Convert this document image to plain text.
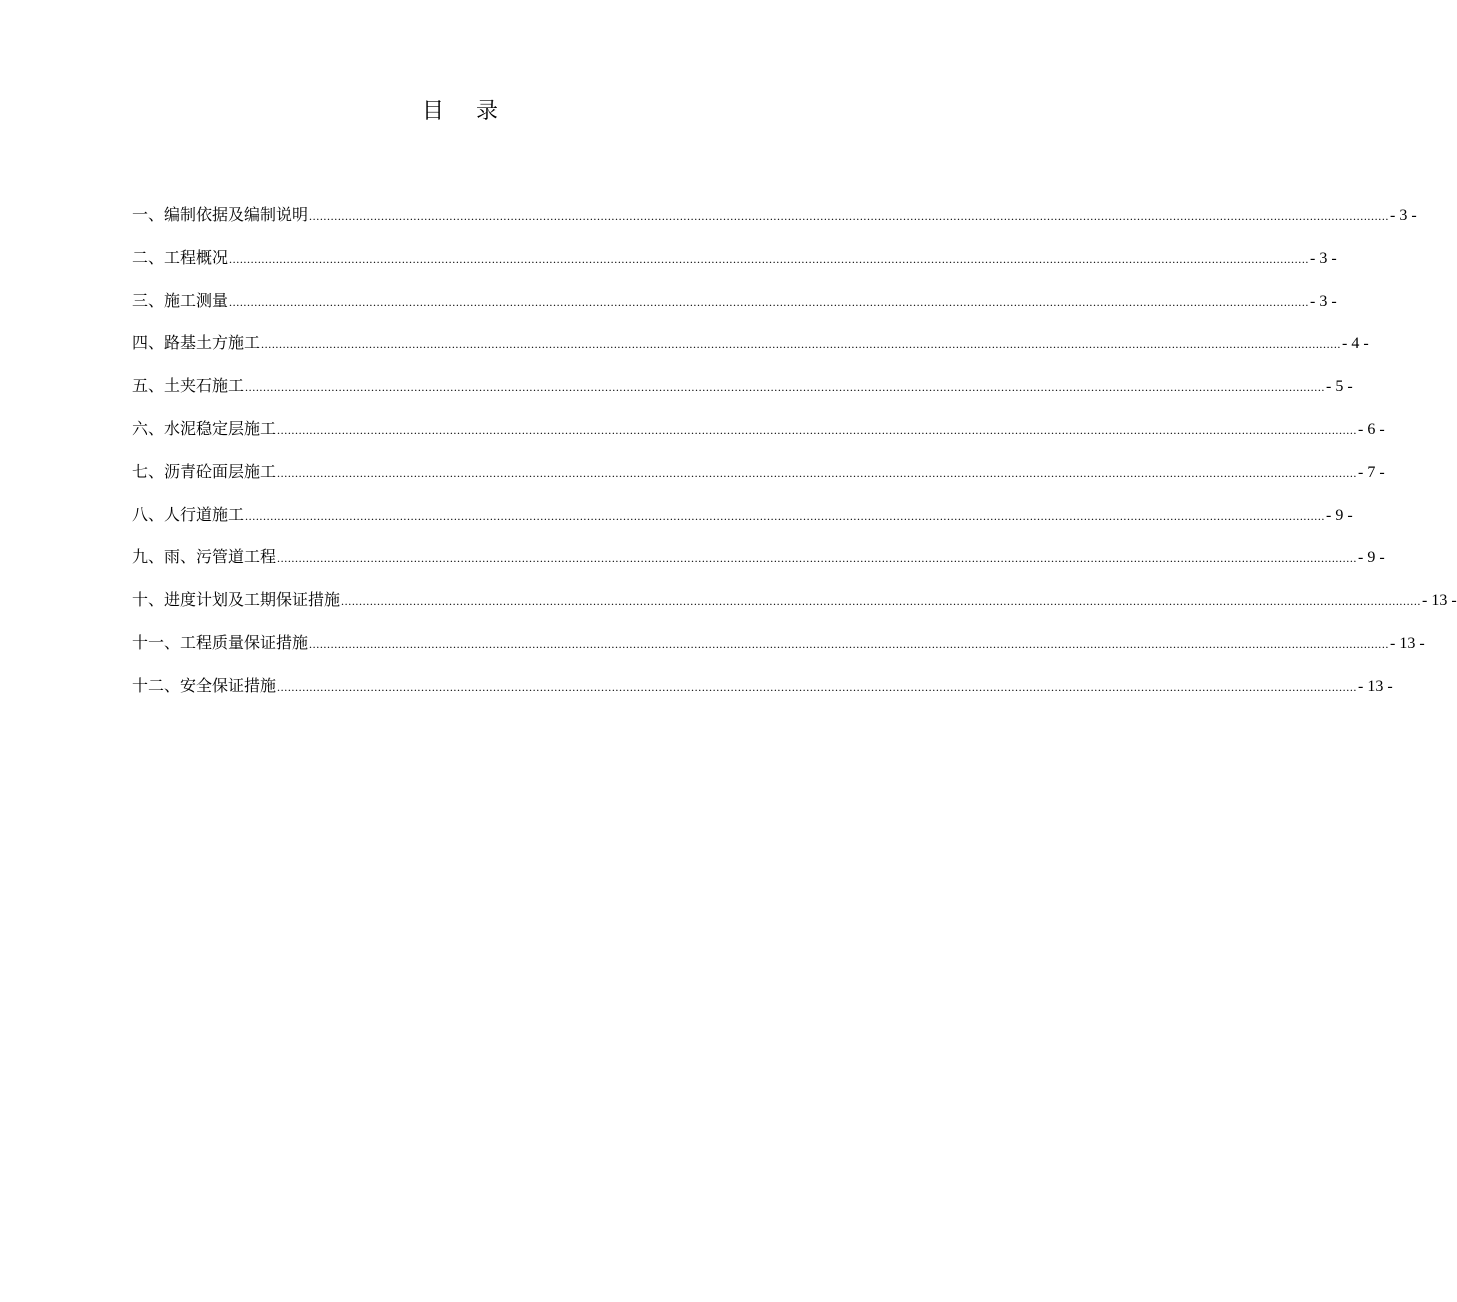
目录
一、编制依据及编制说明 ............................................................................................................................................................................................................................................................................................................ - 3 -
二、工程概况 ............................................................................................................................................................................................................................................................................................................ - 3 -
三、施工测量 ............................................................................................................................................................................................................................................................................................................ - 3 -
四、路基土方施工 ............................................................................................................................................................................................................................................................................................................ - 4 -
五、土夹石施工 ............................................................................................................................................................................................................................................................................................................ - 5 -
六、水泥稳定层施工 ............................................................................................................................................................................................................................................................................................................ - 6 -
七、沥青砼面层施工 ............................................................................................................................................................................................................................................................................................................ - 7 -
八、人行道施工 ............................................................................................................................................................................................................................................................................................................ - 9 -
九、雨、污管道工程 ............................................................................................................................................................................................................................................................................................................ - 9 -
十、进度计划及工期保证措施 ............................................................................................................................................................................................................................................................................................................ - 13 -
十一、工程质量保证措施 ............................................................................................................................................................................................................................................................................................................ - 13 -
十二、安全保证措施 ............................................................................................................................................................................................................................................................................................................ - 13 -
